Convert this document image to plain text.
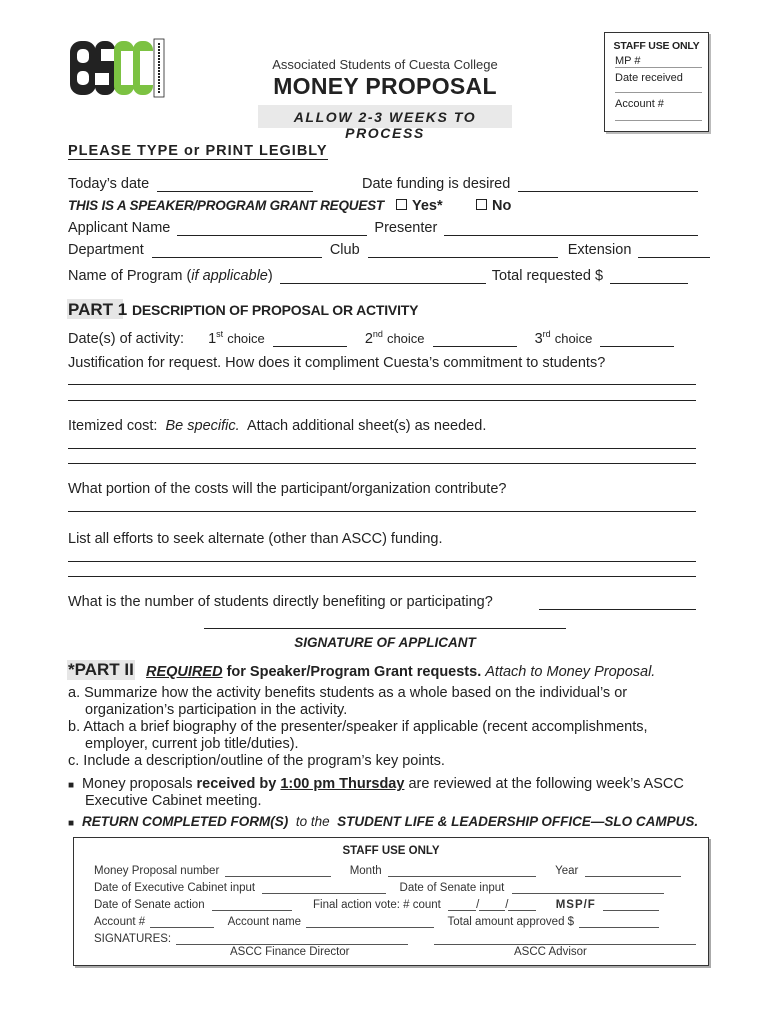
Associated Students of Cuesta College
MONEY PROPOSAL
ALLOW 2-3 WEEKS TO PROCESS
STAFF USE ONLY
MP #
Date received
Account #
PLEASE TYPE or PRINT LEGIBLY
Today’s date	Date funding is desired
THIS IS A SPEAKER/PROGRAM GRANT REQUEST	Yes*	No
Applicant Name	Presenter
Department	Club	Extension
Name of Program (if applicable)	Total requested $
PART 1 DESCRIPTION OF PROPOSAL OR ACTIVITY
Date(s) of activity: 1st choice	2nd choice	3rd choice
Justification for request. How does it compliment Cuesta’s commitment to students?
Itemized cost: Be specific. Attach additional sheet(s) as needed.
What portion of the costs will the participant/organization contribute?
List all efforts to seek alternate (other than ASCC) funding.
What is the number of students directly benefiting or participating?
SIGNATURE OF APPLICANT
*PART II REQUIRED for Speaker/Program Grant requests. Attach to Money Proposal.
a. Summarize how the activity benefits students as a whole based on the individual’s or
organization’s participation in the activity.
b. Attach a brief biography of the presenter/speaker if applicable (recent accomplishments,
employer, current job title/duties).
c. Include a description/outline of the program’s key points.
■ Money proposals received by 1:00 pm Thursday are reviewed at the following week’s ASCC
Executive Cabinet meeting.
■ RETURN COMPLETED FORM(S) to the STUDENT LIFE & LEADERSHIP OFFICE—SLO CAMPUS.
STAFF USE ONLY
Money Proposal number	Month	Year
Date of Executive Cabinet input	Date of Senate input
Date of Senate action	Final action vote: # count	/ /	MSP/F
Account #	Account name	Total amount approved $
SIGNATURES:
ASCC Finance Director	ASCC Advisor
